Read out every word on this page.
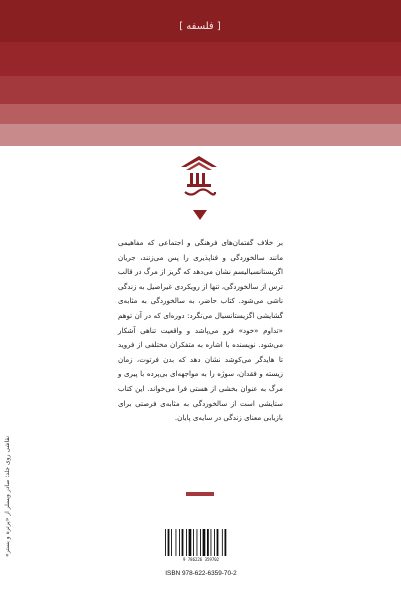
[ فلسفه ]

بر خلاف گفتمان‌های فرهنگی و اجتماعی که مفاهیمی مانند سالخوردگی و فناپذیری را پس می‌زنند، جریان اگزیستانسیالیسم نشان می‌دهد که گریز از مرگ در قالب ترس از سالخوردگی، تنها از رویکردی غیراصیل به زندگی ناشی می‌شود. کتاب حاضر، به سالخوردگی به مثابه‌ی گشایشی اگزیستانسیال می‌نگرد: دوره‌ای که در آن توهم «تداوم «خود» فرو می‌پاشد و واقعیت تناهی آشکار می‌شود. نویسنده با اشاره به متفکران مختلفی از فروید تا هایدگر می‌کوشد نشان دهد که بدن فرتوت، زمان زیسته و فقدان، سوژه را به مواجهه‌ای بی‌پرده با پیری و مرگ به عنوان بخشی از هستی فرا می‌خواند. این کتاب ستایشی است از سالخوردگی به مثابه‌ی فرصتی برای بازیابی معنای زندگی در سایه‌ی پایان.

9 786226 359702
ISBN 978-622-6359-70-2
نقاشی روی جلد: صادر ویسلر از «پرتره و بستر»
